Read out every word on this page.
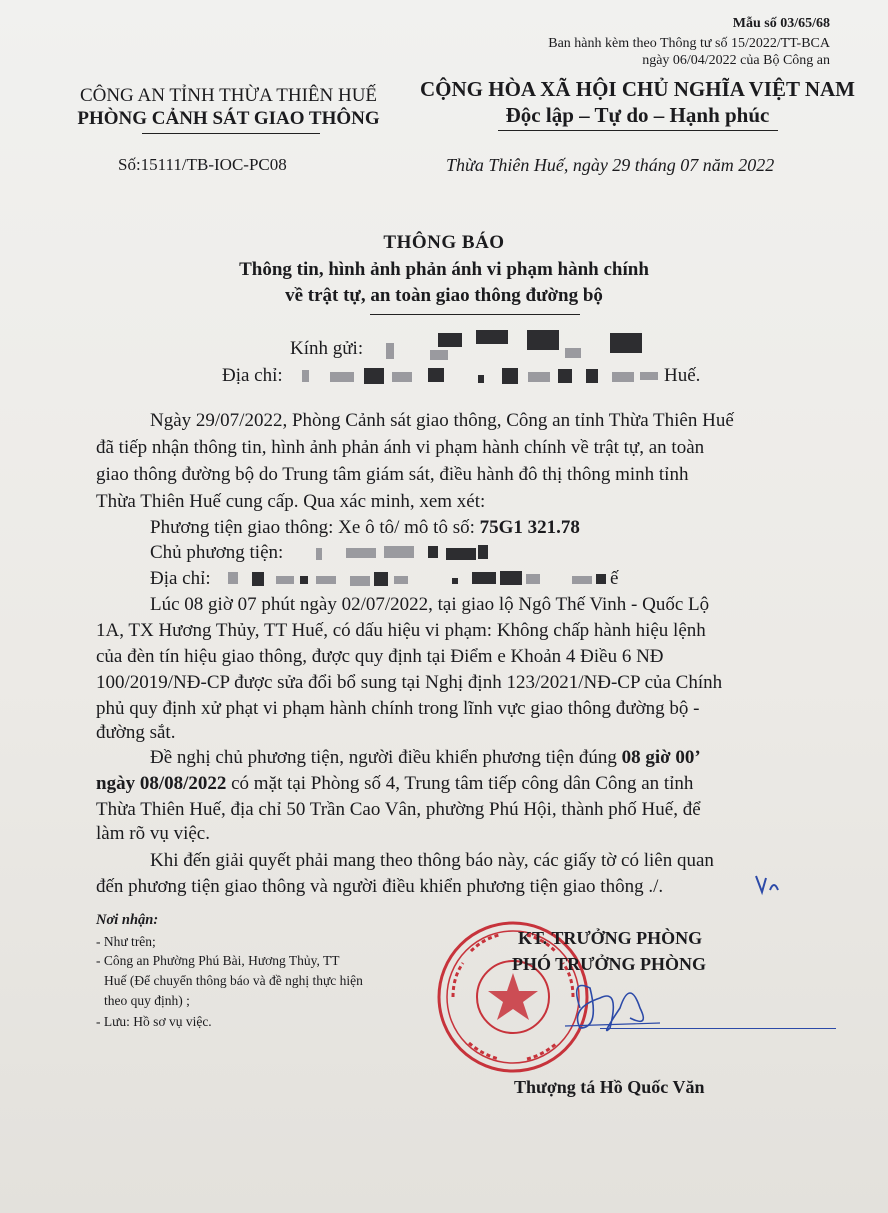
Mẫu số 03/65/68
Ban hành kèm theo Thông tư số 15/2022/TT-BCA
ngày 06/04/2022 của Bộ Công an
CÔNG AN TỈNH THỪA THIÊN HUẾ
PHÒNG CẢNH SÁT GIAO THÔNG
CỘNG HÒA XÃ HỘI CHỦ NGHĨA VIỆT NAM
Độc lập – Tự do – Hạnh phúc
Số:15111/TB-IOC-PC08	Thừa Thiên Huế, ngày 29 tháng 07 năm 2022
THÔNG BÁO
Thông tin, hình ảnh phản ánh vi phạm hành chính
về trật tự, an toàn giao thông đường bộ
Kính gửi:
Địa chỉ:	Huế.
Ngày 29/07/2022, Phòng Cảnh sát giao thông, Công an tỉnh Thừa Thiên Huế
đã tiếp nhận thông tin, hình ảnh phản ánh vi phạm hành chính về trật tự, an toàn
giao thông đường bộ do Trung tâm giám sát, điều hành đô thị thông minh tỉnh
Thừa Thiên Huế cung cấp. Qua xác minh, xem xét:
Phương tiện giao thông: Xe ô tô/ mô tô số: 75G1 321.78
Chủ phương tiện:
Địa chỉ:	ế
Lúc 08 giờ 07 phút ngày 02/07/2022, tại giao lộ Ngô Thế Vinh - Quốc Lộ
1A, TX Hương Thủy, TT Huế, có dấu hiệu vi phạm: Không chấp hành hiệu lệnh
của đèn tín hiệu giao thông, được quy định tại Điểm e Khoản 4 Điều 6 NĐ
100/2019/NĐ-CP được sửa đổi bổ sung tại Nghị định 123/2021/NĐ-CP của Chính
phủ quy định xử phạt vi phạm hành chính trong lĩnh vực giao thông đường bộ -
đường sắt.
Đề nghị chủ phương tiện, người điều khiển phương tiện đúng 08 giờ 00’
ngày 08/08/2022 có mặt tại Phòng số 4, Trung tâm tiếp công dân Công an tỉnh
Thừa Thiên Huế, địa chỉ 50 Trần Cao Vân, phường Phú Hội, thành phố Huế, để
làm rõ vụ việc.
Khi đến giải quyết phải mang theo thông báo này, các giấy tờ có liên quan
đến phương tiện giao thông và người điều khiển phương tiện giao thông ./.
Nơi nhận:
- Như trên;
- Công an Phường Phú Bài, Hương Thủy, TT
Huế (Để chuyển thông báo và đề nghị thực hiện
theo quy định) ;
- Lưu: Hồ sơ vụ việc.
KT. TRƯỞNG PHÒNG
PHÓ TRƯỞNG PHÒNG
Thượng tá Hồ Quốc Văn
